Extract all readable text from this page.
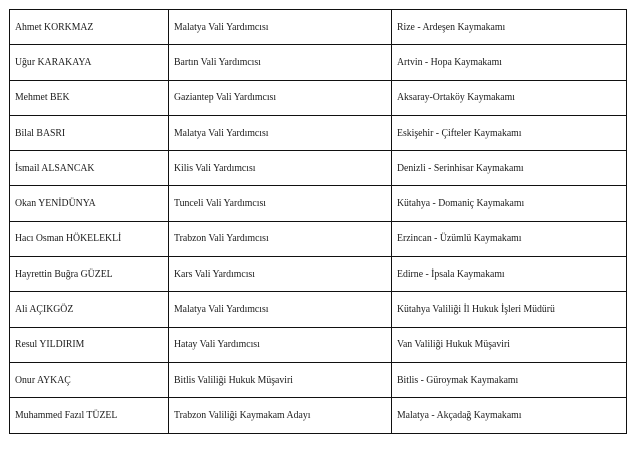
Ahmet KORKMAZ	Malatya Vali Yardımcısı	Rize - Ardeşen Kaymakamı
Uğur KARAKAYA	Bartın Vali Yardımcısı	Artvin - Hopa Kaymakamı
Mehmet BEK	Gaziantep Vali Yardımcısı	Aksaray-Ortaköy Kaymakamı
Bilal BASRI	Malatya Vali Yardımcısı	Eskişehir - Çifteler Kaymakamı
İsmail ALSANCAK	Kilis Vali Yardımcısı	Denizli - Serinhisar Kaymakamı
Okan YENİDÜNYA	Tunceli Vali Yardımcısı	Kütahya - Domaniç Kaymakamı
Hacı Osman HÖKELEKLİ	Trabzon Vali Yardımcısı	Erzincan - Üzümlü Kaymakamı
Hayrettin Buğra GÜZEL	Kars Vali Yardımcısı	Edirne - İpsala Kaymakamı
Ali AÇIKGÖZ	Malatya Vali Yardımcısı	Kütahya Valiliği İl Hukuk İşleri Müdürü
Resul YILDIRIM	Hatay Vali Yardımcısı	Van Valiliği Hukuk Müşaviri
Onur AYKAÇ	Bitlis Valiliği Hukuk Müşaviri	Bitlis - Güroymak Kaymakamı
Muhammed Fazıl TÜZEL	Trabzon Valiliği Kaymakam Adayı	Malatya - Akçadağ Kaymakamı
